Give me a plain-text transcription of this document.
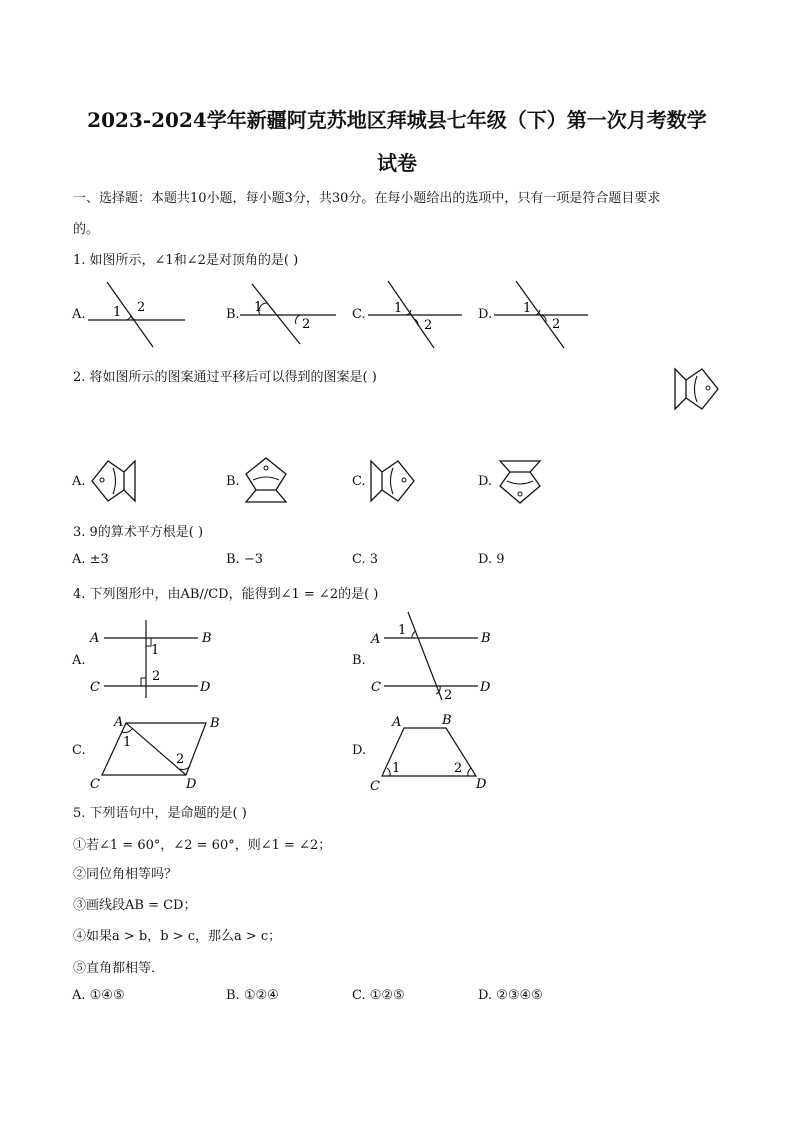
2023-2024学年新疆阿克苏地区拜城县七年级（下）第一次月考数学
试卷
一、选择题：本题共10小题，每小题3分，共30分。在每小题给出的选项中，只有一项是符合题目要求
的。
1. 如图所示，∠1和∠2是对顶角的是( )
A. 1 2	B. 1
2
C. 1
2
D. 1
2
2. 将如图所示的图案通过平移后可以得到的图案是( )
A.	B.	C.	D.
3. 9的算术平方根是( )
A. ±3	B. −3	C. 3	D. 9
4. 下列图形中，由AB//CD，能得到∠1 = ∠2的是( )
A.
A	B
C	D
1
2
B.
A	B
C	D
1
2
C.
A	B
C	D
1
2
D.
A	B
C	D
1	2
5. 下列语句中，是命题的是( )
①若∠1 = 60°，∠2 = 60°，则∠1 = ∠2；
②同位角相等吗？
③画线段AB = CD；
④如果a > b，b > c，那么a > c；
⑤直角都相等．
A. ①④⑤	B. ①②④	C. ①②⑤	D. ②③④⑤
